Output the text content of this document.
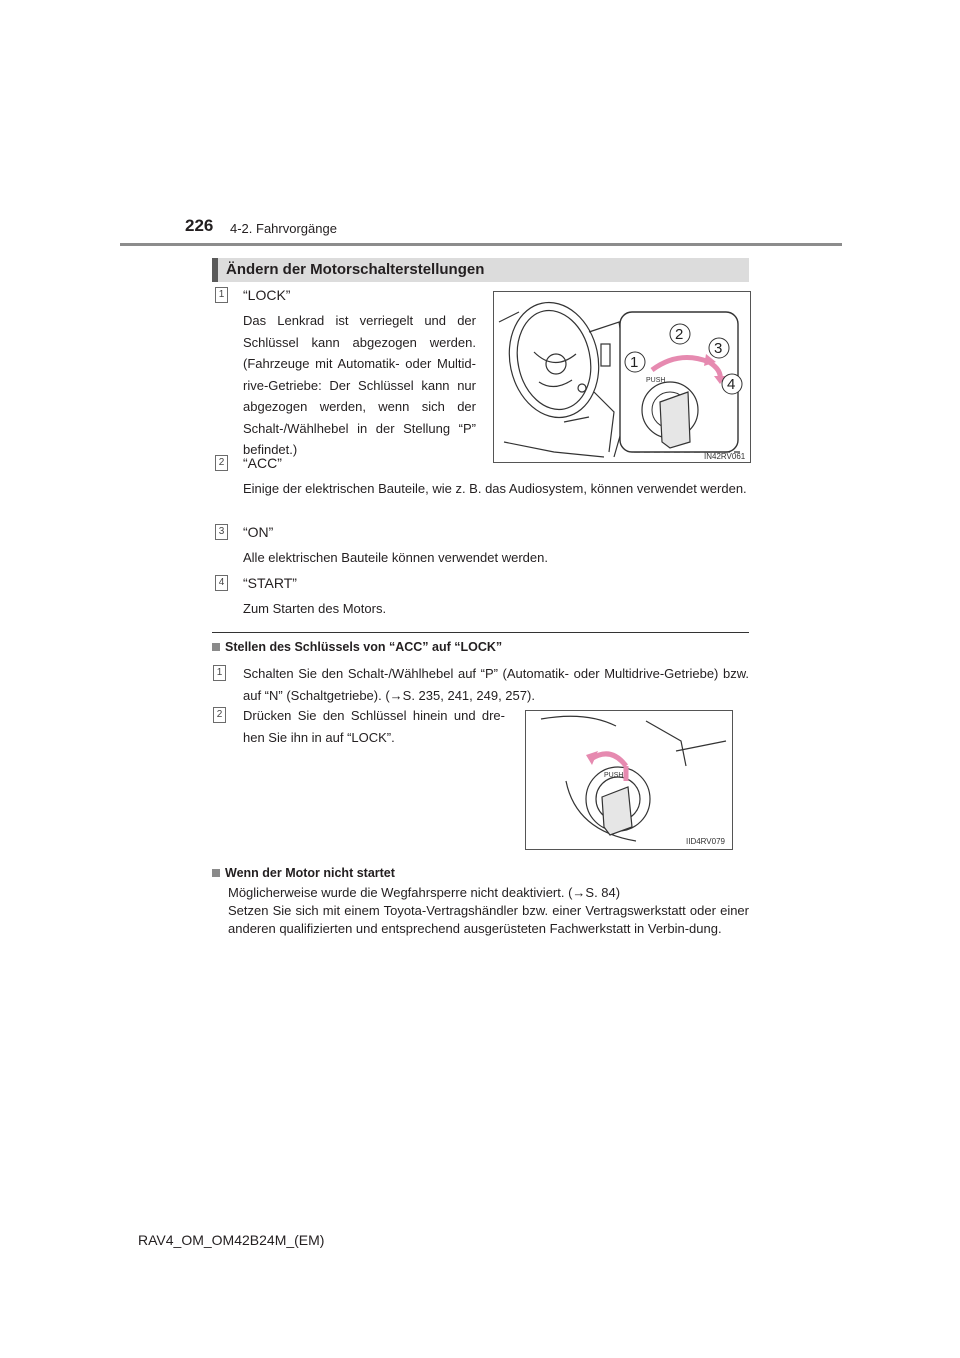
226 4-2. Fahrvorgänge
Ändern der Motorschalterstellungen
1 “LOCK”
Das Lenkrad ist verriegelt und der Schlüssel kann abgezogen werden. (Fahrzeuge mit Automatik- oder Multid-rive-Getriebe: Der Schlüssel kann nur abgezogen werden, wenn sich der Schalt-/Wählhebel in der Stellung “P” befindet.)
PUSH
1
2
3
4
IN42RV061
2 “ACC”
Einige der elektrischen Bauteile, wie z. B. das Audiosystem, können verwendet werden.
3 “ON”
Alle elektrischen Bauteile können verwendet werden.
4 “START”
Zum Starten des Motors.
Stellen des Schlüssels von “ACC” auf “LOCK”
1 Schalten Sie den Schalt-/Wählhebel auf “P” (Automatik- oder Multidrive-Getriebe) bzw. auf “N” (Schaltgetriebe). (→S. 235, 241, 249, 257).
2 Drücken Sie den Schlüssel hinein und dre-hen Sie ihn in auf “LOCK”.
PUSH
IID4RV079
Wenn der Motor nicht startet
Möglicherweise wurde die Wegfahrsperre nicht deaktiviert. (→S. 84)
Setzen Sie sich mit einem Toyota-Vertragshändler bzw. einer Vertragswerkstatt oder einer anderen qualifizierten und entsprechend ausgerüsteten Fachwerkstatt in Verbin-dung.
RAV4_OM_OM42B24M_(EM)
